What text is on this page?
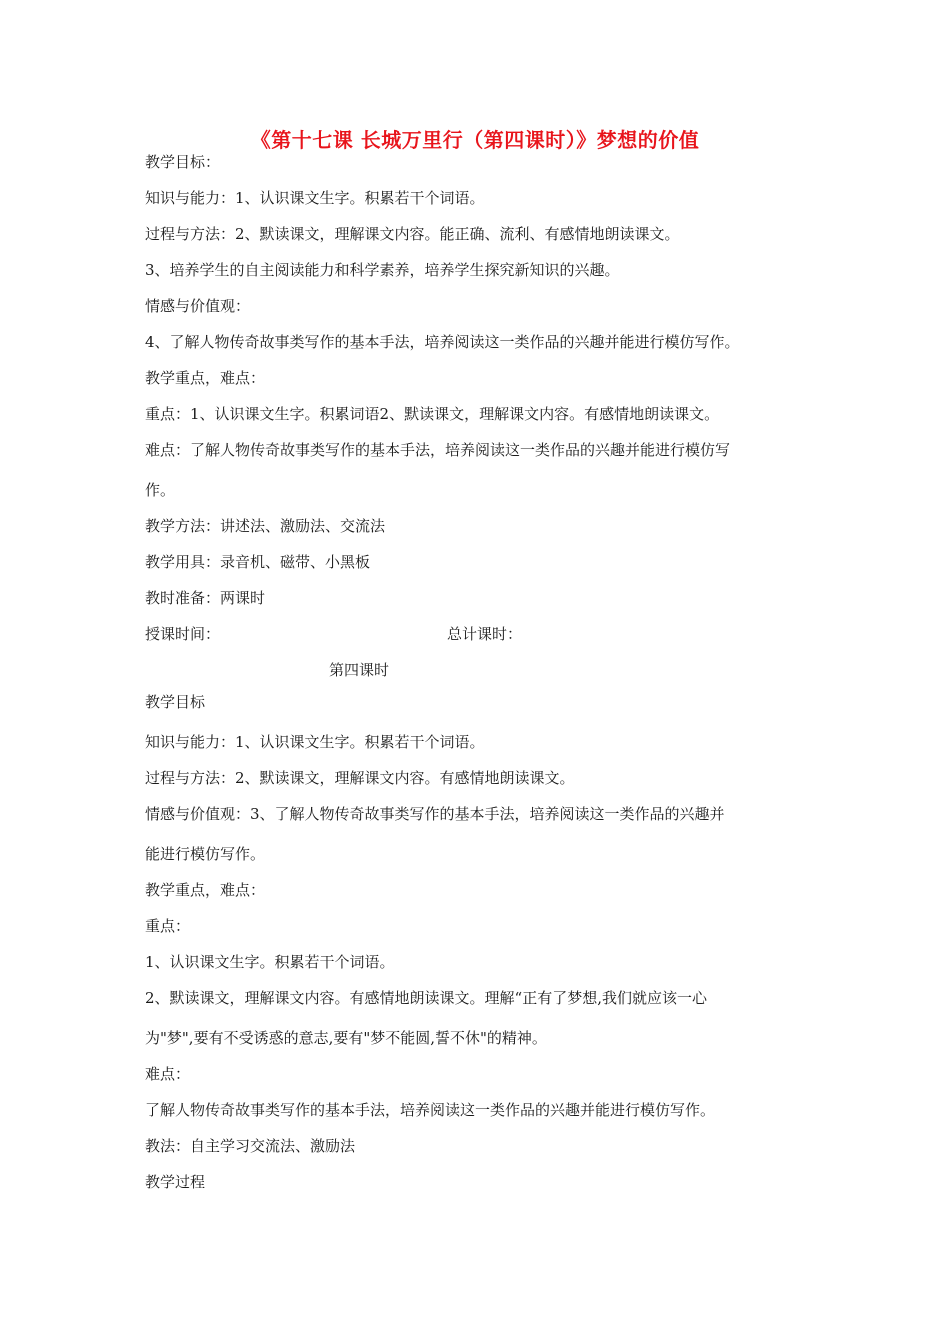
《第十七课 长城万里行（第四课时）》梦想的价值

教学目标：

知识与能力：1、认识课文生字。积累若干个词语。

过程与方法：2、默读课文，理解课文内容。能正确、流利、有感情地朗读课文。

3、培养学生的自主阅读能力和科学素养，培养学生探究新知识的兴趣。

情感与价值观：

4、了解人物传奇故事类写作的基本手法，培养阅读这一类作品的兴趣并能进行模仿写作。

教学重点，难点：

重点：1、认识课文生字。积累词语2、默读课文，理解课文内容。有感情地朗读课文。

难点：了解人物传奇故事类写作的基本手法，培养阅读这一类作品的兴趣并能进行模仿写

作。

教学方法：讲述法、激励法、交流法

教学用具：录音机、磁带、小黑板

教时准备：两课时

授课时间：	总计课时：

第四课时

教学目标

知识与能力：1、认识课文生字。积累若干个词语。

过程与方法：2、默读课文，理解课文内容。有感情地朗读课文。

情感与价值观：3、了解人物传奇故事类写作的基本手法，培养阅读这一类作品的兴趣并

能进行模仿写作。

教学重点，难点：

重点：

1、认识课文生字。积累若干个词语。

2、默读课文，理解课文内容。有感情地朗读课文。理解“正有了梦想,我们就应该一心

为"梦",要有不受诱惑的意志,要有"梦不能圆,誓不休"的精神。

难点：

了解人物传奇故事类写作的基本手法，培养阅读这一类作品的兴趣并能进行模仿写作。

教法：自主学习交流法、激励法

教学过程
